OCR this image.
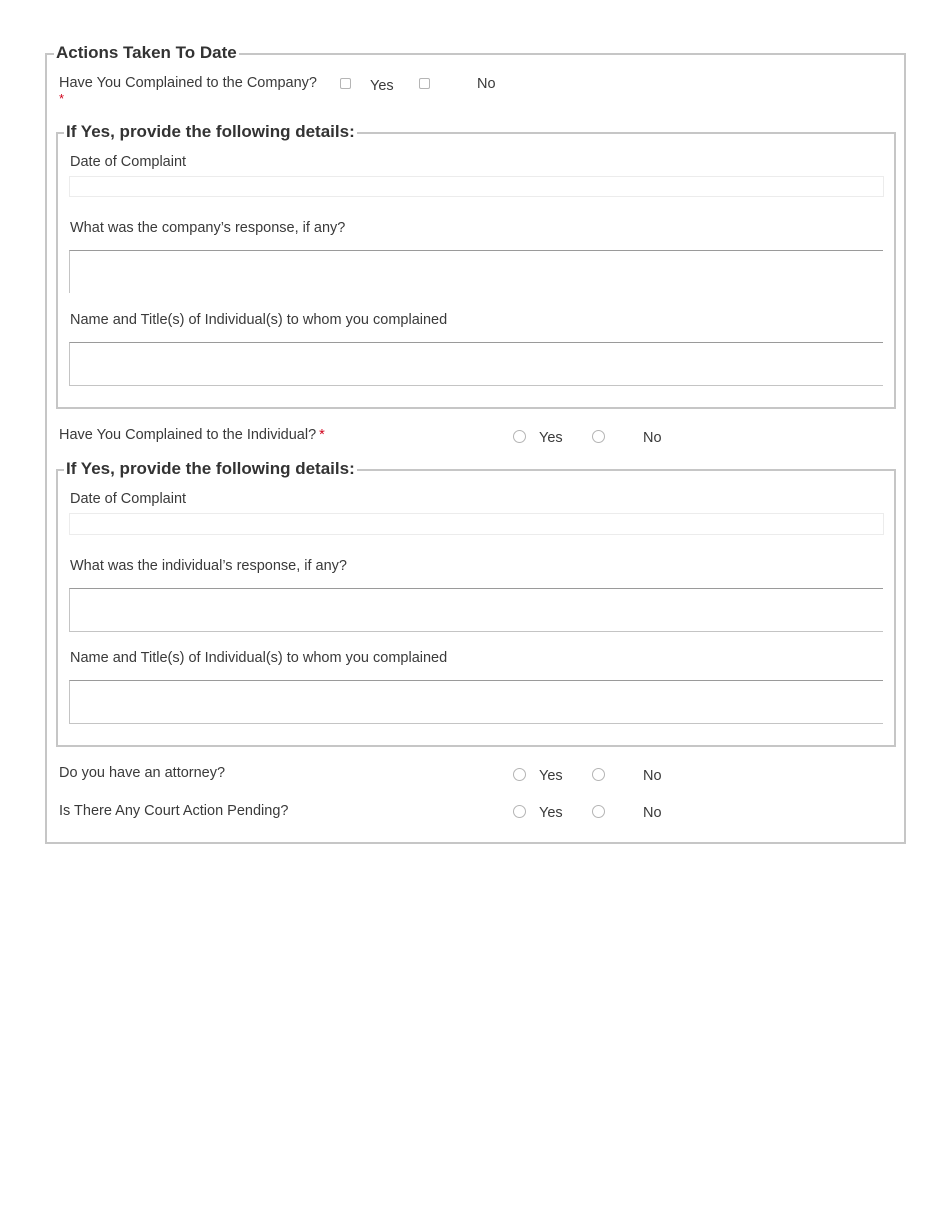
Actions Taken To Date
Have You Complained to the Company?
*
Yes	No
If Yes, provide the following details:
Date of Complaint
What was the company’s response, if any?
Name and Title(s) of Individual(s) to whom you complained
Have You Complained to the Individual? *	Yes	No
If Yes, provide the following details:
Date of Complaint
What was the individual’s response, if any?
Name and Title(s) of Individual(s) to whom you complained
Do you have an attorney?	Yes	No
Is There Any Court Action Pending?	Yes	No
